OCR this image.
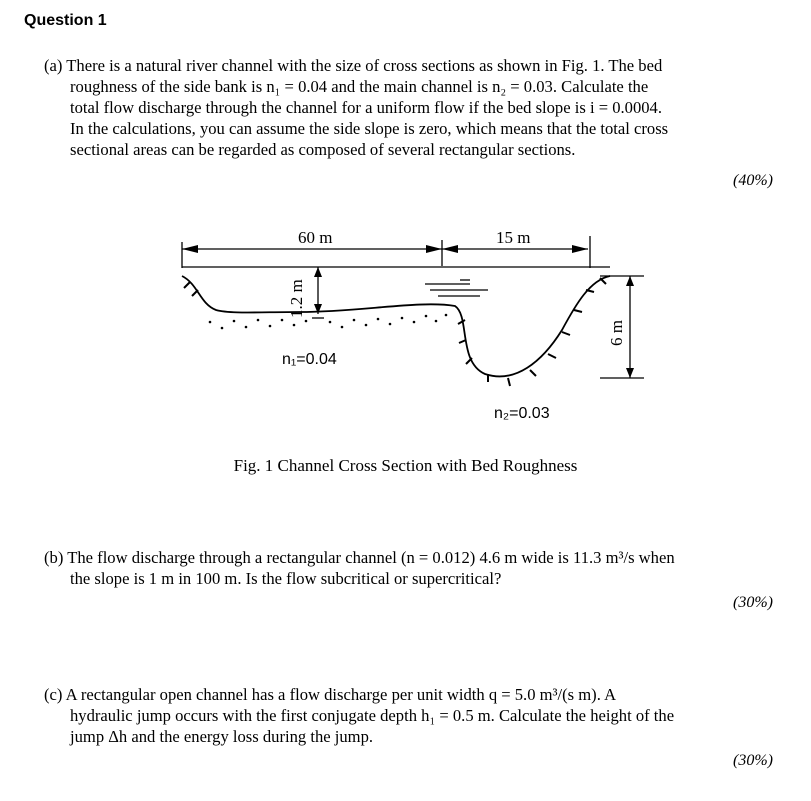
Question 1
(a) There is a natural river channel with the size of cross sections as shown in Fig. 1. The bed
roughness of the side bank is n₁ = 0.04 and the main channel is n₂ = 0.03. Calculate the
total flow discharge through the channel for a uniform flow if the bed slope is i = 0.0004.
In the calculations, you can assume the side slope is zero, which means that the total cross
sectional areas can be regarded as composed of several rectangular sections.
(40%)
60 m	15 m
1.2 m
6 m
n₁=0.04
n₂=0.03
Fig. 1 Channel Cross Section with Bed Roughness
(b) The flow discharge through a rectangular channel (n = 0.012) 4.6 m wide is 11.3 m³/s when
the slope is 1 m in 100 m. Is the flow subcritical or supercritical?
(30%)
(c) A rectangular open channel has a flow discharge per unit width q = 5.0 m³/(s m). A
hydraulic jump occurs with the first conjugate depth h₁ = 0.5 m. Calculate the height of the
jump Δh and the energy loss during the jump.
(30%)
